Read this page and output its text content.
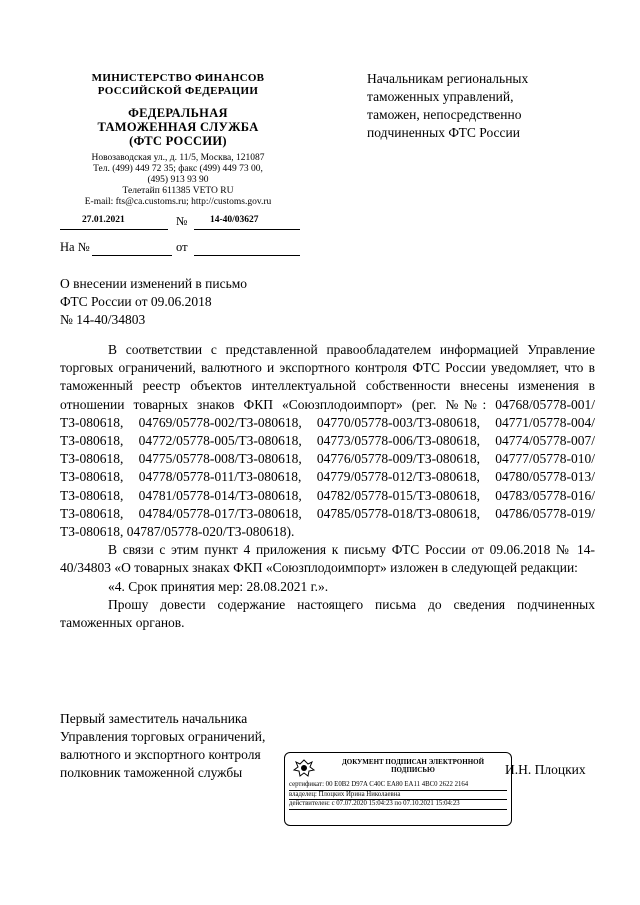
МИНИСТЕРСТВО ФИНАНСОВ
РОССИЙСКОЙ ФЕДЕРАЦИИ
ФЕДЕРАЛЬНАЯ
ТАМОЖЕННАЯ СЛУЖБА
(ФТС РОССИИ)
Новозаводская ул., д. 11/5, Москва, 121087
Тел. (499) 449 72 35; факс (499) 449 73 00,
(495) 913 93 90
Телетайп 611385 VETO RU
E-mail: fts@ca.customs.ru; http://customs.gov.ru
27.01.2021	№ 14-40/03627
На №	от
Начальникам региональных
таможенных управлений,
таможен, непосредственно
подчиненных ФТС России
О внесении изменений в письмо
ФТС России от 09.06.2018
№ 14-40/34803

В соответствии с представленной правообладателем информацией Управление торговых ограничений, валютного и экспортного контроля ФТС России уведомляет, что в таможенный реестр объектов интеллектуальной собственности внесены изменения в отношении товарных знаков ФКП «Союзплодоимпорт» (рег. №№: 04768/05778-001/ТЗ-080618, 04769/05778-002/ТЗ-080618, 04770/05778-003/ТЗ-080618, 04771/05778-004/ТЗ-080618, 04772/05778-005/ТЗ-080618, 04773/05778-006/ТЗ-080618, 04774/05778-007/ТЗ-080618, 04775/05778-008/ТЗ-080618, 04776/05778-009/ТЗ-080618, 04777/05778-010/ТЗ-080618, 04778/05778-011/ТЗ-080618, 04779/05778-012/ТЗ-080618, 04780/05778-013/ТЗ-080618, 04781/05778-014/ТЗ-080618, 04782/05778-015/ТЗ-080618, 04783/05778-016/ТЗ-080618, 04784/05778-017/ТЗ-080618, 04785/05778-018/ТЗ-080618, 04786/05778-019/ТЗ-080618, 04787/05778-020/ТЗ-080618).

В связи с этим пункт 4 приложения к письму ФТС России от 09.06.2018 № 14-40/34803 «О товарных знаках ФКП «Союзплодоимпорт» изложен в следующей редакции:

«4. Срок принятия мер: 28.08.2021 г.».

Прошу довести содержание настоящего письма до сведения подчиненных таможенных органов.

Первый заместитель начальника
Управления торговых ограничений,
валютного и экспортного контроля
полковник таможенной службы
ДОКУМЕНТ ПОДПИСАН ЭЛЕКТРОННОЙ
ПОДПИСЬЮ
сертификат: 00 E0B2 D97A C40C EA80 EA11 4BC0 2622 2164
владелец: Плоцких Ирина Николаевна
действителен: с 07.07.2020 15:04:23 по 07.10.2021 15:04:23
И.Н. Плоцких
